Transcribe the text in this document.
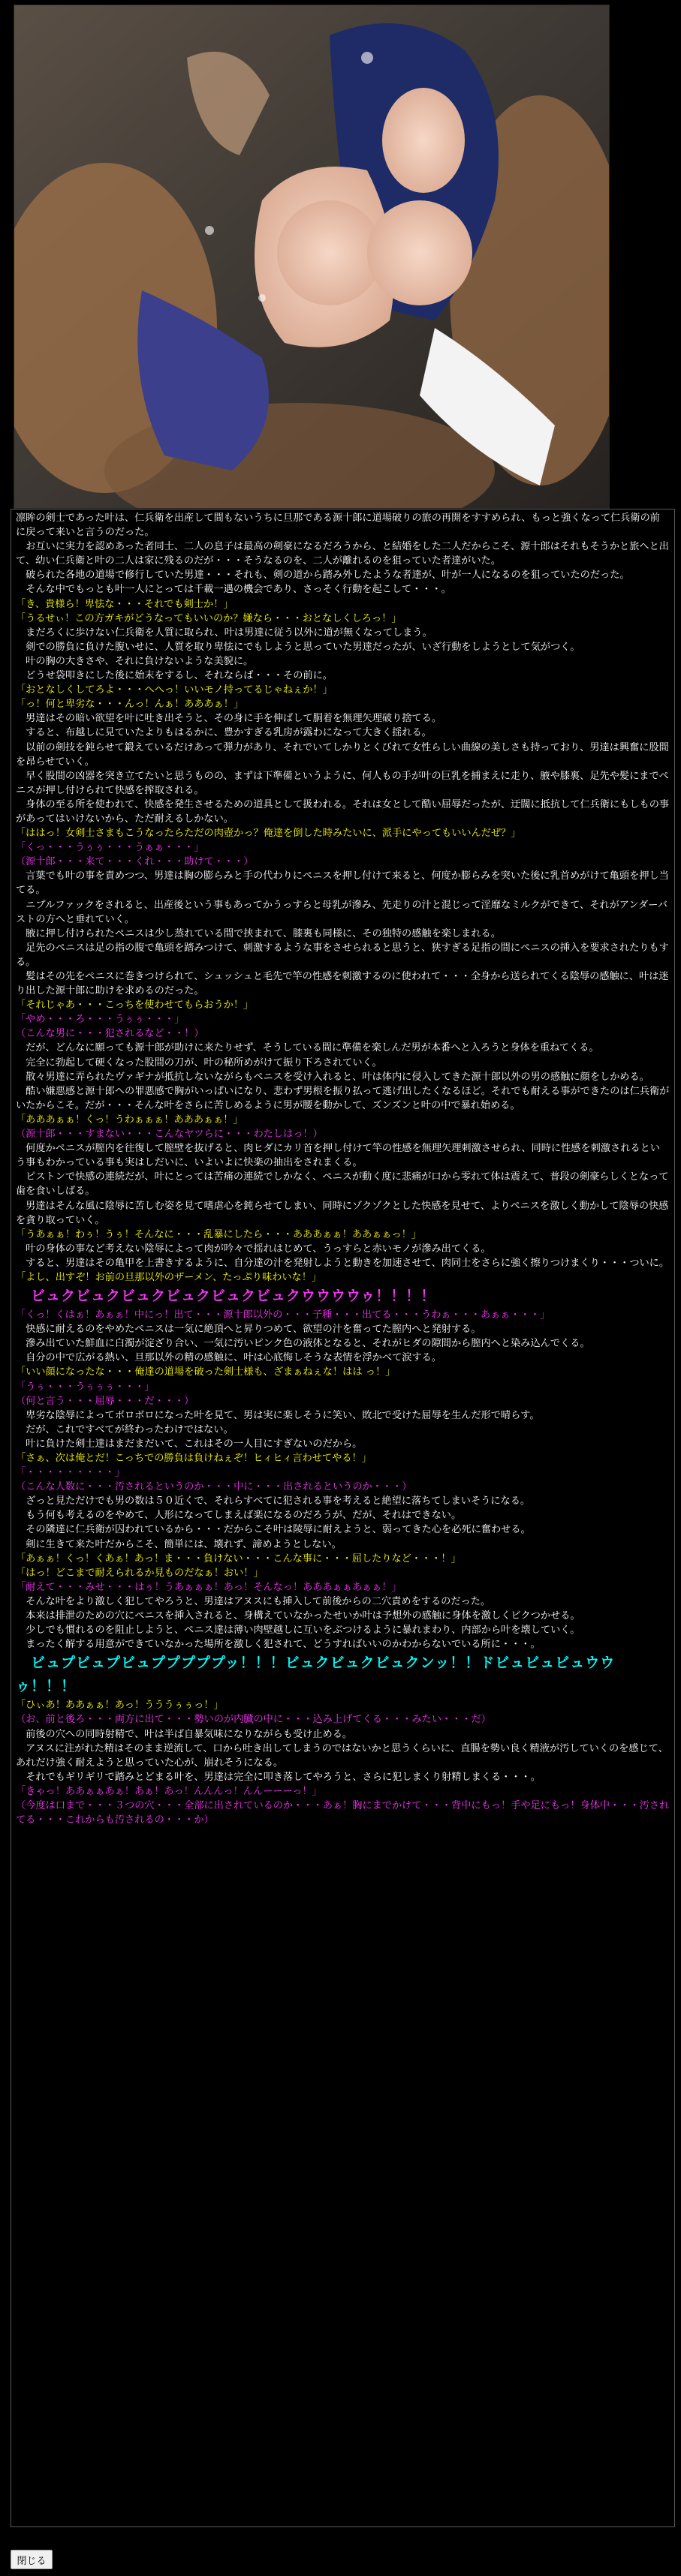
凛眸の剣士であった叶は、仁兵衛を出産して間もないうちに旦那である源十郎に道場破りの旅の再開をすすめられ、もっと強くなって仁兵衛の前に戻って来いと言うのだった。

　お互いに実力を認めあった者同士、二人の息子は最高の剣豪になるだろうから、と結婚をした二人だからこそ、源十郎はそれもそうかと旅へと出て、幼い仁兵衛と叶の二人は家に残るのだが・・・そうなるのを、二人が離れるのを狙っていた者達がいた。

　破られた各地の道場で修行していた男達・・・それも、剣の道から踏み外したような者達が、叶が一人になるのを狙っていたのだった。

　そんな中でもっとも叶一人にとっては千載一遇の機会であり、さっそく行動を起こして・・・。

「き、貴様ら！卑怯な・・・それでも剣士か！」

「うるせぃ！この方ガキがどうなってもいいのか？嫌なら・・・おとなしくしろっ！」

　まだろくに歩けない仁兵衛を人質に取られ、叶は男達に従う以外に道が無くなってしまう。

　剣での勝負に負けた腹いせに、人質を取り卑怯にでもしようと思っていた男達だったが、いざ行動をしようとして気がつく。

　叶の胸の大きさや、それに負けないような美貌に。

　どうせ袋叩きにした後に始末をするし、それならば・・・その前に。

「おとなしくしてろよ・・・へへっ！いいモノ持ってるじゃねぇか！」

「っ！何と卑劣な・・・んっ！んぁ！あああぁ！」

　男達はその暗い欲望を叶に吐き出そうと、その身に手を伸ばして胴着を無理矢理破り捨てる。

　すると、布越しに見ていたよりもはるかに、豊かすぎる乳房が露わになって大きく揺れる。

　以前の剣技を鈍らせて鍛えているだけあって弾力があり、それでいてしかりとくびれて女性らしい曲線の美しさも持っており、男達は興奮に股間を昂らせていく。

　早く股間の凶器を突き立てたいと思うものの、まずは下準備というように、何人もの手が叶の巨乳を捕まえに走り、腋や膝裏、足先や髪にまでペニスが押し付けられて快感を搾取される。

　身体の至る所を使われて、快感を発生させるための道具として扱われる。それは女として酷い屈辱だったが、迂闊に抵抗して仁兵衛にもしもの事があってはいけないから、ただ耐えるしかない。

「ははっ！女剣士さまもこうなったらただの肉壺かっ？俺達を倒した時みたいに、派手にやってもいいんだぜ？」

「くっ・・・うぅぅ・・・うぁぁ・・・」

（源十郎・・・来て・・・くれ・・・助けて・・・）

　言葉でも叶の事を責めつつ、男達は胸の膨らみと手の代わりにペニスを押し付けて来ると、何度か膨らみを突いた後に乳首めがけて亀頭を押し当てる。

　ニプルファックをされると、出産後という事もあってかうっすらと母乳が滲み、先走りの汁と混じって淫靡なミルクができて、それがアンダーバストの方へと垂れていく。

　腋に押し付けられたペニスは少し蒸れている間で挟まれて、膝裏も同様に、その独特の感触を楽しまれる。

　足先のペニスは足の指の腹で亀頭を踏みつけて、刺激するような事をさせられると思うと、狭すぎる足指の間にペニスの挿入を要求されたりもする。

　髪はその先をペニスに巻きつけられて、シュッシュと毛先で竿の性感を刺激するのに使われて・・・全身から送られてくる陰辱の感触に、叶は迷り出した源十郎に助けを求めるのだった。

「それじゃあ・・・こっちを使わせてもらおうか！」

「やめ・・・ろ・・・うぅぅ・・・」

（こんな男に・・・犯されるなど・・！）

　だが、どんなに願っても源十郎が助けに来たりせず、そうしている間に準備を楽しんだ男が本番へと入ろうと身体を重ねてくる。

　完全に勃起して硬くなった股間の刀が、叶の秘所めがけて振り下ろされていく。

　散々男達に弄られたヴァギナが抵抗しないながらもペニスを受け入れると、叶は体内に侵入してきた源十郎以外の男の感触に顔をしかめる。

　酷い嫌悪感と源十郎への罪悪感で胸がいっぱいになり、悲わず男根を振り払って逃げ出したくなるほど。それでも耐える事ができたのは仁兵衛がいたからこそ。だが・・・そんな叶をさらに苦しめるように男が腰を動かして、ズンズンと叶の中で暴れ始める。

「あああぁぁ！くっ！うわぁぁぁ！あああぁぁ！」

（源十郎・・・すまない・・・こんなヤツらに・・・わたしはっ！）

　何度かペニスが膣内を往復して膣壁を抜げると、肉ヒダにカリ首を押し付けて竿の性感を無理矢理刺激させられ、同時に性感を刺激されるという事もわかっている事も実はしだいに、いよいよに快楽の抽出をされまくる。

　ピストンで快感の連続だが、叶にとっては苦痛の連続でしかなく、ペニスが動く度に悲痛が口から零れて体は震えて、普段の剣豪らしくとなって歯を食いしばる。

　男達はそんな風に陰辱に苦しむ姿を見て嗜虐心を鈍らせてしまい、同時にゾクゾクとした快感を見せて、よりペニスを激しく動かして陰辱の快感を貪り取っていく。

「うあぁぁ！わぅ！うぅ！そんなに・・・乱暴にしたら・・・あああぁぁ！ああぁぁっ！」

　叶の身体の事など考えない陰辱によって肉が吟々で揺れはじめて、うっすらと赤いモノが滲み出てくる。

　すると、男達はその亀甲を上書きするように、自分達の汁を発射しようと動きを加速させて、肉同士をさらに強く擦りつけまくり・・・ついに。

「よし、出すぞ！お前の旦那以外のザーメン、たっぷり味わいな！」

　ビュクビュクビュクビュクビュクビュクウウウウゥ！！！！

「くっ！くはぁ！あぁぁ！中にっ！出て・・・源十郎以外の・・・子種・・・出てる・・・うわぁ・・・あぁぁ・・・」

　快感に耐えるのをやめたペニスは一気に絶頂へと昇りつめて、欲望の汁を奮ってた膣内へと発射する。

　滲み出ていた鮮血に白濁が淀ざり合い、一気に汚いピンク色の液体となると、それがヒダの隙間から膣内へと染み込んでくる。

　自分の中で広がる熱い、旦那以外の精の感触に、叶は心底悔しそうな表情を浮かべて涙する。

「いい顔になったな・・・俺達の道場を破った剣士様も、ざまぁねぇな！はは っ！」

「うぅ・・・うぅぅぅ・・・」

（何と言う・・・屈辱・・・だ・・・）

　卑劣な陰辱によってボロボロになった叶を見て、男は実に楽しそうに笑い、敗北で受けた屈辱を生んだ形で晴らす。

　だが、これですべてが終わったわけではない。

　叶に負けた剣士達はまだまだいて、これはその一人目にすぎないのだから。

「さぁ、次は俺とだ！こっちでの勝負は負けねぇぞ！ヒィヒィ言わせてやる！」

「・・・・・・・・・」

（こんな人数に・・・汚されるというのか・・・中に・・・出されるというのか・・・）

　ざっと見ただけでも男の数は５０近くで、それらすべてに犯される事を考えると絶望に落ちてしまいそうになる。

　もう何も考えるのをやめて、人形になってしまえば楽になるのだろうが、だが、それはできない。

　その隣達に仁兵衛が囚われているから・・・だからこそ叶は陵辱に耐えようと、弱ってきた心を必死に奮わせる。

　剣に生きて来た叶だからこそ、簡単には、壊れず、諦めようとしない。

「あぁぁ！くっ！くあぁ！あっ！ま・・・負けない・・・こんな事に・・・屈したりなど・・・！」

「はっ！どこまで耐えられるか見ものだなぁ！おい！」

「耐えて・・・みせ・・・はぅ！うあぁぁぁ！あっ！そんなっ！あああぁぁあぁぁ！」

　そんな叶をより激しく犯してやろうと、男達はアヌスにも挿入して前後からの二穴責めをするのだった。

　本来は排泄のための穴にペニスを挿入されると、身構えていなかったせいか叶は予想外の感触に身体を激しくビクつかせる。

　少しでも慣れるのを阻止しようと、ペニス達は薄い肉壁越しに互いをぶつけるように暴れまわり、内部から叶を壊していく。

　まったく解する用意ができていなかった場所を激しく犯されて、どうすればいいのかわからないでいる所に・・・。

　ビュプビュプビュプププププッ！！！ビュクビュクビュクンッ！！ドビュビュビュウウゥ！！！

「ひぃあ！ああぁぁ！あっ！うううぅぅっ！」

（お、前と後ろ・・・両方に出て・・・勢いのが内臓の中に・・・込み上げてくる・・・みたい・・・だ）

　前後の穴への同時射精で、叶は半ば自暴気味になりながらも受け止める。

　アヌスに注がれた精はそのまま逆流して、口から吐き出してしまうのではないかと思うくらいに、直腸を勢い良く精液が汚していくのを感じて、あれだけ強く耐えようと思っていた心が、崩れそうになる。

　それでもギリギリで踏みとどまる叶を、男達は完全に叩き落してやろうと、さらに犯しまくり射精しまくる・・・。

「きゃっ！ああぁぁあぁ！あぁ！あっ！んんんっ！んんーーーっ！」

（今度は口まで・・・３つの穴・・・全部に出されているのか・・・あぁ！胸にまでかけて・・・背中にもっ！手や足にもっ！身体中・・・汚されてる・・・これからも汚されるの・・・か）

閉じる
